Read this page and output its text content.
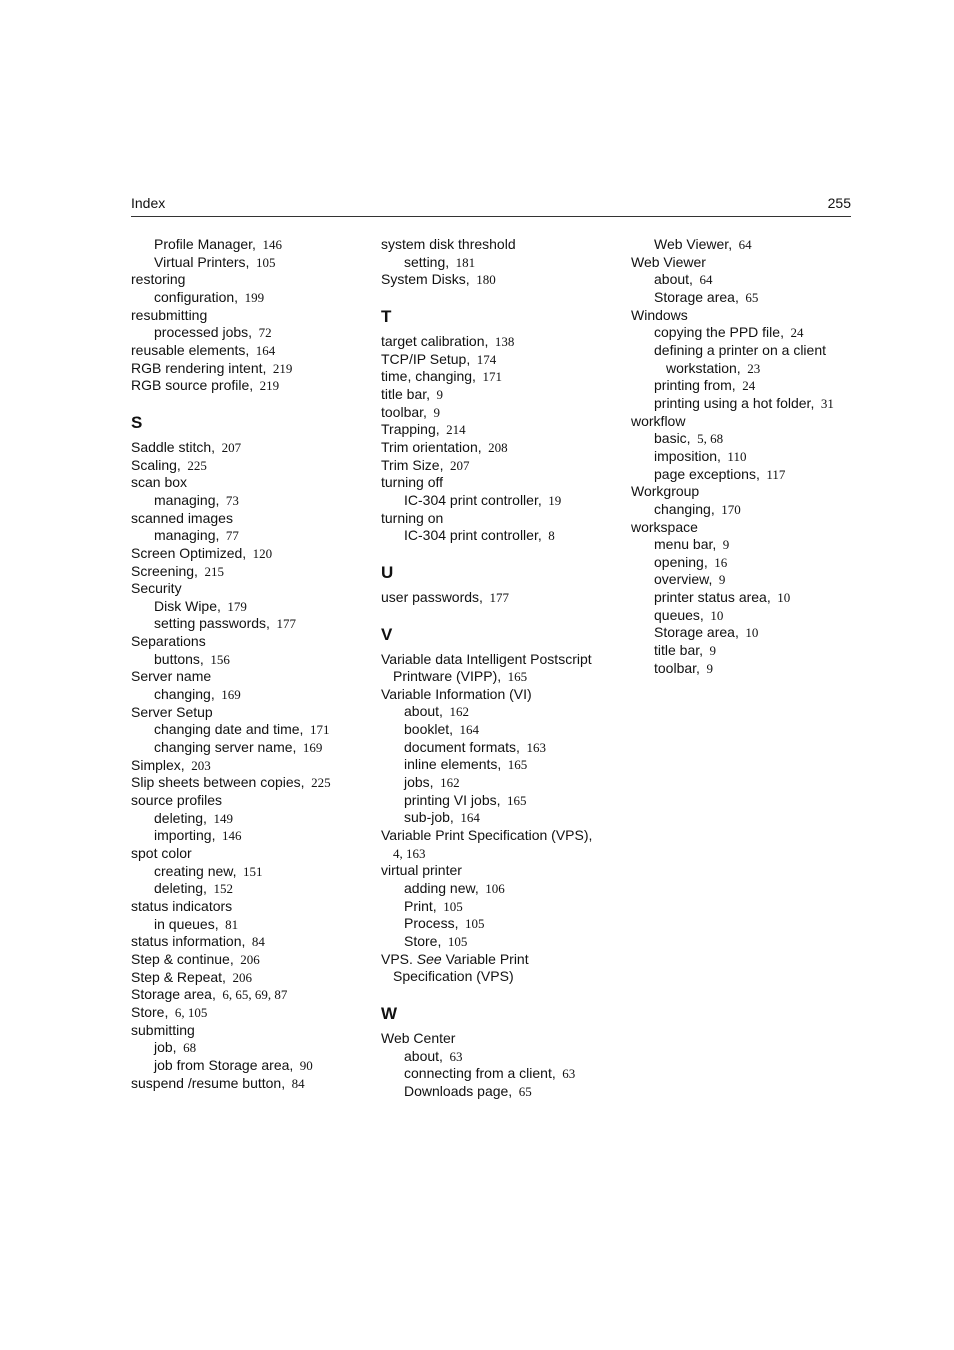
Index	255
Profile Manager,  146
Virtual Printers,  105
restoring
configuration,  199
resubmitting
processed jobs,  72
reusable elements,  164
RGB rendering intent,  219
RGB source profile,  219
S
Saddle stitch,  207
Scaling,  225
scan box
managing,  73
scanned images
managing,  77
Screen Optimized,  120
Screening,  215
Security
Disk Wipe,  179
setting passwords,  177
Separations
buttons,  156
Server name
changing,  169
Server Setup
changing date and time,  171
changing server name,  169
Simplex,  203
Slip sheets between copies,  225
source profiles
deleting,  149
importing,  146
spot color
creating new,  151
deleting,  152
status indicators
in queues,  81
status information,  84
Step & continue,  206
Step & Repeat,  206
Storage area,  6, 65, 69, 87
Store,  6, 105
submitting
job,  68
job from Storage area,  90
suspend /resume button,  84
system disk threshold
setting,  181
System Disks,  180
T
target calibration,  138
TCP/IP Setup,  174
time, changing,  171
title bar,  9
toolbar,  9
Trapping,  214
Trim orientation,  208
Trim Size,  207
turning off
IC-304 print controller,  19
turning on
IC-304 print controller,  8
U
user passwords,  177
V
Variable data Intelligent Postscript
Printware (VIPP),  165
Variable Information (VI)
about,  162
booklet,  164
document formats,  163
inline elements,  165
jobs,  162
printing VI jobs,  165
sub-job,  164
Variable Print Specification (VPS),
4, 163
virtual printer
adding new,  106
Print,  105
Process,  105
Store,  105
VPS. See Variable Print
Specification (VPS)
W
Web Center
about,  63
connecting from a client,  63
Downloads page,  65
Web Viewer,  64
Web Viewer
about,  64
Storage area,  65
Windows
copying the PPD file,  24
defining a printer on a client
workstation,  23
printing from,  24
printing using a hot folder,  31
workflow
basic,  5, 68
imposition,  110
page exceptions,  117
Workgroup
changing,  170
workspace
menu bar,  9
opening,  16
overview,  9
printer status area,  10
queues,  10
Storage area,  10
title bar,  9
toolbar,  9
